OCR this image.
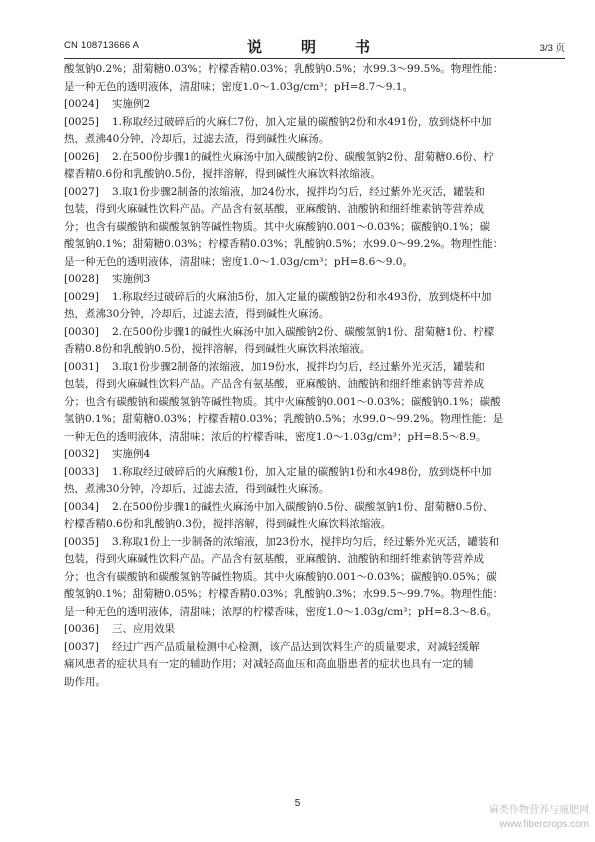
CN 108713666 A	说　明　书	3/3 页
酸氢钠0.2%；甜菊糖0.03%；柠檬香精0.03%；乳酸钠0.5%；水99.3～99.5%。物理性能：
是一种无色的透明液体，清甜味；密度1.0～1.03g/cm³；pH=8.7～9.1。
[0024]	实施例2
[0025]	1.称取经过破碎后的火麻仁7份，加入定量的碳酸钠2份和水491份，放到烧杯中加
热，煮沸40分钟，冷却后，过滤去渣，得到碱性火麻汤。
[0026]	2.在500份步骤1的碱性火麻汤中加入碳酸钠2份、碳酸氢钠2份、甜菊糖0.6份、柠
檬香精0.6份和乳酸钠0.5份，搅拌溶解，得到碱性火麻饮料浓缩液。
[0027]	3.取1份步骤2制备的浓缩液，加24份水，搅拌均匀后，经过紫外光灭活，罐装和
包装，得到火麻碱性饮料产品。产品含有氨基酸，亚麻酸钠、油酸钠和细纤维素钠等营养成
分；也含有碳酸钠和碳酸氢钠等碱性物质。其中火麻酸钠0.001～0.03%；碳酸钠0.1%；碳
酸氢钠0.1%；甜菊糖0.03%；柠檬香精0.03%；乳酸钠0.5%；水99.0～99.2%。物理性能：
是一种无色的透明液体，清甜味；密度1.0～1.03g/cm³；pH=8.6～9.0。
[0028]	实施例3
[0029]	1.称取经过破碎后的火麻油5份，加入定量的碳酸钠2份和水493份，放到烧杯中加
热，煮沸30分钟，冷却后，过滤去渣，得到碱性火麻汤。
[0030]	2.在500份步骤1的碱性火麻汤中加入碳酸钠2份、碳酸氢钠1份、甜菊糖1份、柠檬
香精0.8份和乳酸钠0.5份，搅拌溶解，得到碱性火麻饮料浓缩液。
[0031]	3.取1份步骤2制备的浓缩液，加19份水，搅拌均匀后，经过紫外光灭活，罐装和
包装，得到火麻碱性饮料产品。产品含有氨基酸，亚麻酸钠、油酸钠和细纤维素钠等营养成
分；也含有碳酸钠和碳酸氢钠等碱性物质。其中火麻酸钠0.001～0.03%；碳酸钠0.1%；碳酸
氢钠0.1%；甜菊糖0.03%；柠檬香精0.03%；乳酸钠0.5%；水99.0～99.2%。物理性能：是
一种无色的透明液体，清甜味；浓后的柠檬香味，密度1.0～1.03g/cm³；pH=8.5～8.9。
[0032]	实施例4
[0033]	1.称取经过破碎后的火麻酸1份，加入定量的碳酸钠1份和水498份，放到烧杯中加
热，煮沸30分钟，冷却后，过滤去渣，得到碱性火麻汤。
[0034]	2.在500份步骤1的碱性火麻汤中加入碳酸钠0.5份、碳酸氢钠1份、甜菊糖0.5份、
柠檬香精0.6份和乳酸钠0.3份，搅拌溶解，得到碱性火麻饮料浓缩液。
[0035]	3.称取1份上一步制备的浓缩液，加23份水，搅拌均匀后，经过紫外光灭活，罐装和
包装，得到火麻碱性饮料产品。产品含有氨基酸，亚麻酸钠、油酸钠和细纤维素钠等营养成
分；也含有碳酸钠和碳酸氢钠等碱性物质。其中火麻酸钠0.001～0.03%；碳酸钠0.05%；碳
酸氢钠0.1%；甜菊糖0.05%；柠檬香精0.03%；乳酸钠0.3%；水99.5～99.7%。物理性能：
是一种无色的透明液体，清甜味；浓厚的柠檬香味，密度1.0～1.03g/cm³；pH=8.3～8.6。
[0036]	三、应用效果
[0037]	经过广西产品质量检测中心检测，该产品达到饮料生产的质量要求，对减轻缓解
痛风患者的症状具有一定的辅助作用；对减轻高血压和高血脂患者的症状也具有一定的辅
助作用。
5
麻类作物营养与施肥网
www.fibercrops.com
